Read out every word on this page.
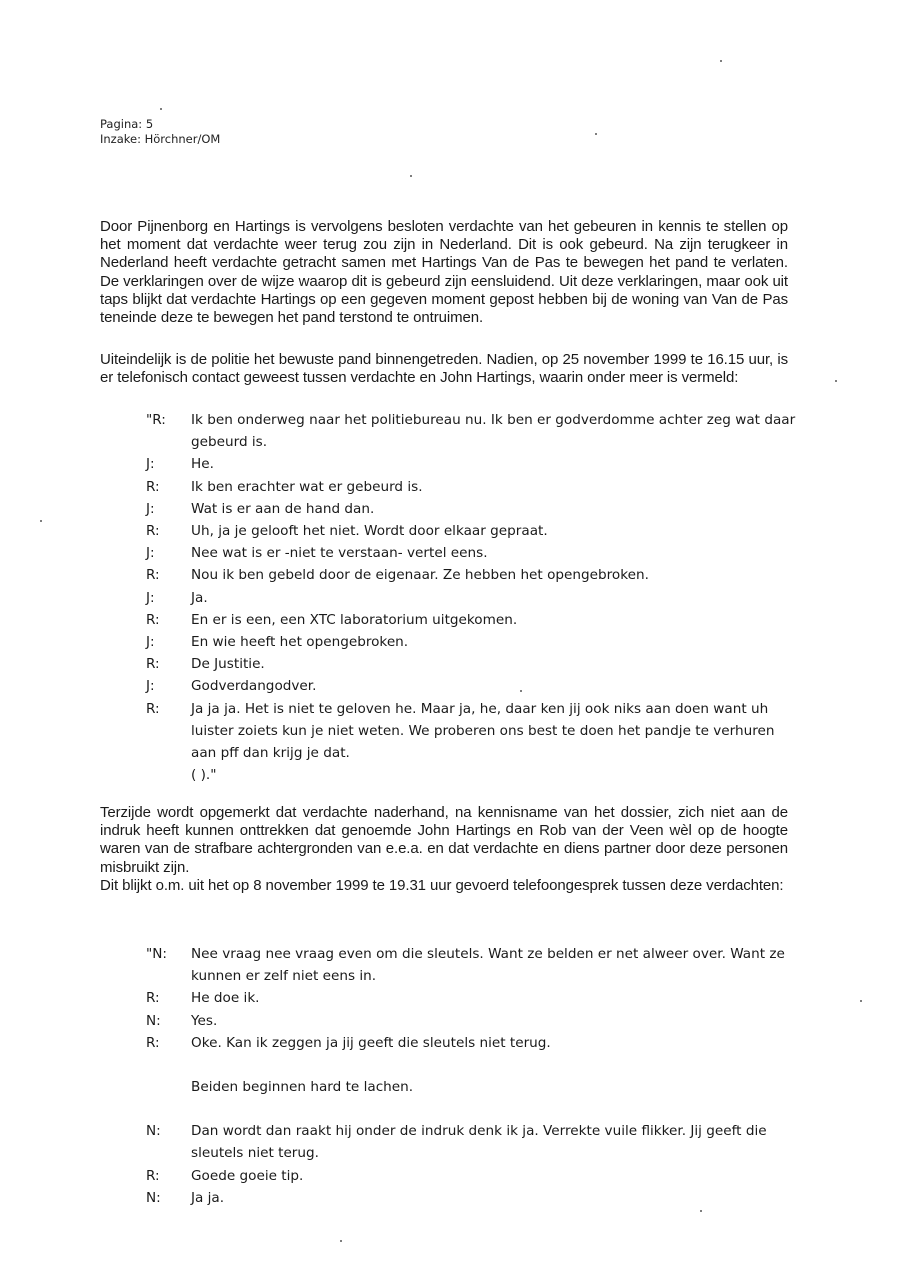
Pagina: 5
Inzake: Hörchner/OM
Door Pijnenborg en Hartings is vervolgens besloten verdachte van het gebeuren in kennis te stellen op het moment dat verdachte weer terug zou zijn in Nederland. Dit is ook gebeurd. Na zijn terugkeer in Nederland heeft verdachte getracht samen met Hartings Van de Pas te bewegen het pand te verlaten. De verklaringen over de wijze waarop dit is gebeurd zijn eensluidend. Uit deze verklaringen, maar ook uit taps blijkt dat verdachte Hartings op een gegeven moment gepost hebben bij de woning van Van de Pas teneinde deze te bewegen het pand terstond te ontruimen.
Uiteindelijk is de politie het bewuste pand binnengetreden. Nadien, op 25 november 1999 te 16.15 uur, is er telefonisch contact geweest tussen verdachte en John Hartings, waarin onder meer is vermeld:
"R:	Ik ben onderweg naar het politiebureau nu. Ik ben er godverdomme achter zeg wat daar gebeurd is.
J:	He.
R:	Ik ben erachter wat er gebeurd is.
J:	Wat is er aan de hand dan.
R:	Uh, ja je gelooft het niet. Wordt door elkaar gepraat.
J:	Nee wat is er -niet te verstaan- vertel eens.
R:	Nou ik ben gebeld door de eigenaar. Ze hebben het opengebroken.
J:	Ja.
R:	En er is een, een XTC laboratorium uitgekomen.
J:	En wie heeft het opengebroken.
R:	De Justitie.
J:	Godverdangodver.
R:	Ja ja ja. Het is niet te geloven he. Maar ja, he, daar ken jij ook niks aan doen want uh luister zoiets kun je niet weten. We proberen ons best te doen het pandje te verhuren aan pff dan krijg je dat.
( )."
Terzijde wordt opgemerkt dat verdachte naderhand, na kennisname van het dossier, zich niet aan de indruk heeft kunnen onttrekken dat genoemde John Hartings en Rob van der Veen wèl op de hoogte waren van de strafbare achtergronden van e.e.a. en dat verdachte en diens partner door deze personen misbruikt zijn.
Dit blijkt o.m. uit het op 8 november 1999 te 19.31 uur gevoerd telefoongesprek tussen deze verdachten:
"N:	Nee vraag nee vraag even om die sleutels. Want ze belden er net alweer over. Want ze kunnen er zelf niet eens in.
R:	He doe ik.
N:	Yes.
R:	Oke. Kan ik zeggen ja jij geeft die sleutels niet terug.
Beiden beginnen hard te lachen.
N:	Dan wordt dan raakt hij onder de indruk denk ik ja. Verrekte vuile flikker. Jij geeft die sleutels niet terug.
R:	Goede goeie tip.
N:	Ja ja.
